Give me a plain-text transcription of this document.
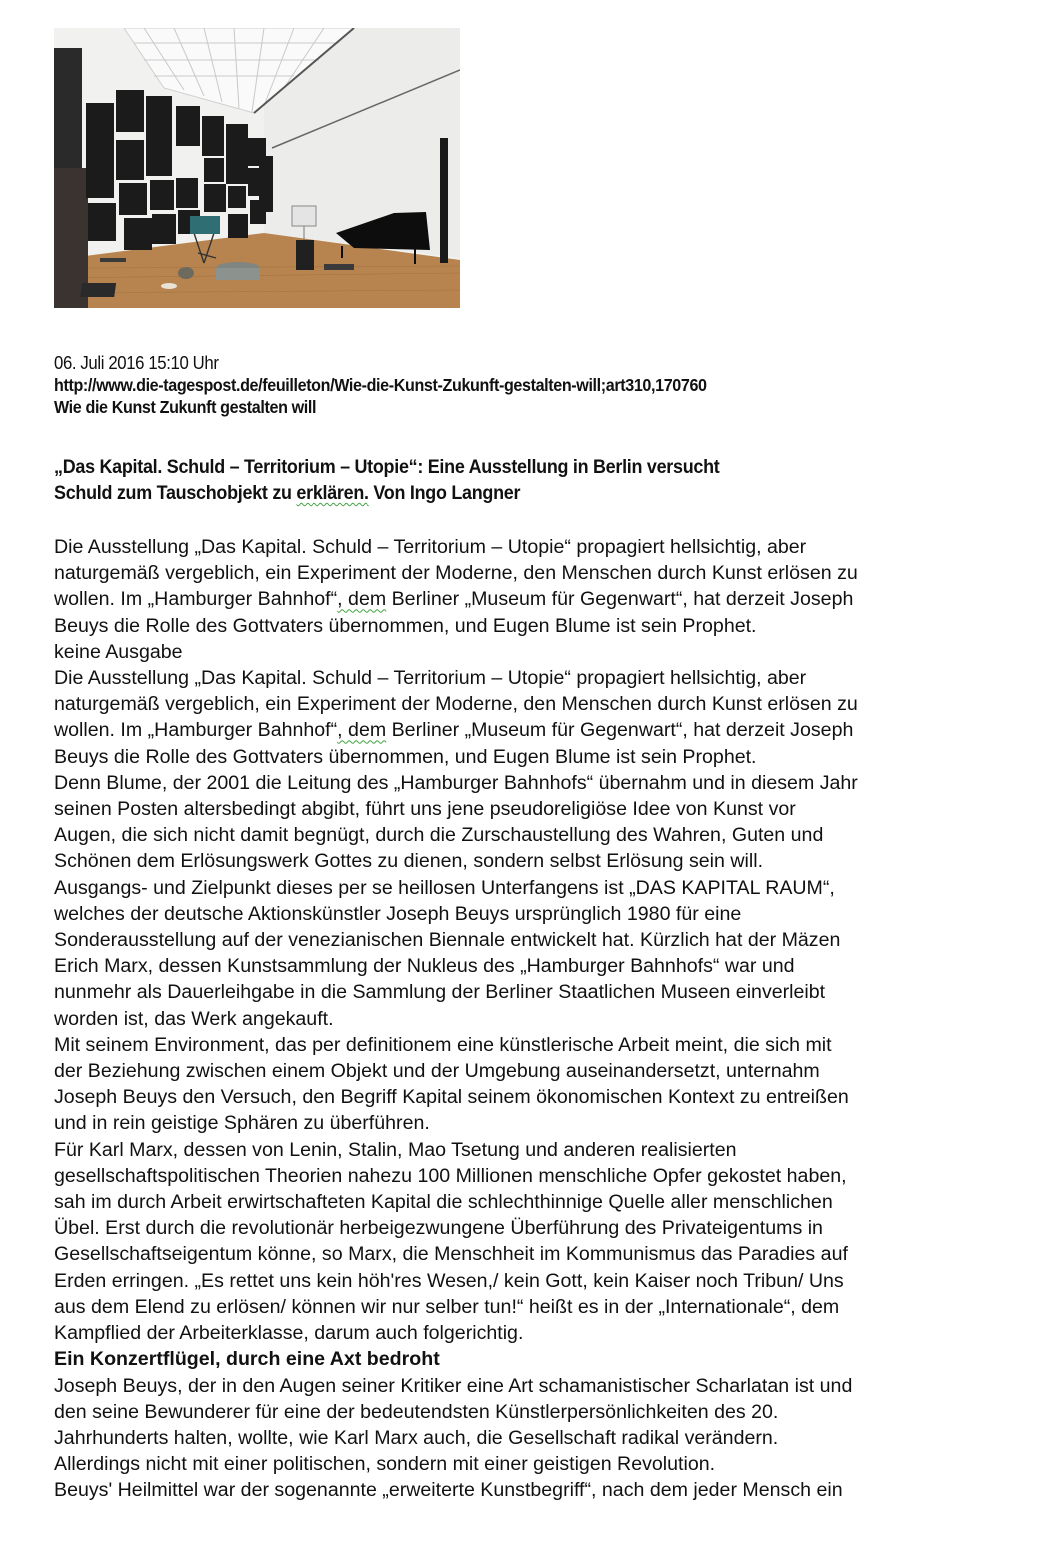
06. Juli 2016 15:10 Uhr
http://www.die-tagespost.de/feuilleton/Wie-die-Kunst-Zukunft-gestalten-will;art310,170760
Wie die Kunst Zukunft gestalten will
„Das Kapital. Schuld – Territorium – Utopie“: Eine Ausstellung in Berlin versucht
Schuld zum Tauschobjekt zu erklären. Von Ingo Langner
Die Ausstellung „Das Kapital. Schuld – Territorium – Utopie“ propagiert hellsichtig, aber
naturgemäß vergeblich, ein Experiment der Moderne, den Menschen durch Kunst erlösen zu
wollen. Im „Hamburger Bahnhof“, dem Berliner „Museum für Gegenwart“, hat derzeit Joseph
Beuys die Rolle des Gottvaters übernommen, und Eugen Blume ist sein Prophet.
keine Ausgabe
Die Ausstellung „Das Kapital. Schuld – Territorium – Utopie“ propagiert hellsichtig, aber
naturgemäß vergeblich, ein Experiment der Moderne, den Menschen durch Kunst erlösen zu
wollen. Im „Hamburger Bahnhof“, dem Berliner „Museum für Gegenwart“, hat derzeit Joseph
Beuys die Rolle des Gottvaters übernommen, und Eugen Blume ist sein Prophet.
Denn Blume, der 2001 die Leitung des „Hamburger Bahnhofs“ übernahm und in diesem Jahr
seinen Posten altersbedingt abgibt, führt uns jene pseudoreligiöse Idee von Kunst vor
Augen, die sich nicht damit begnügt, durch die Zurschaustellung des Wahren, Guten und
Schönen dem Erlösungswerk Gottes zu dienen, sondern selbst Erlösung sein will.
Ausgangs- und Zielpunkt dieses per se heillosen Unterfangens ist „DAS KAPITAL RAUM“,
welches der deutsche Aktionskünstler Joseph Beuys ursprünglich 1980 für eine
Sonderausstellung auf der venezianischen Biennale entwickelt hat. Kürzlich hat der Mäzen
Erich Marx, dessen Kunstsammlung der Nukleus des „Hamburger Bahnhofs“ war und
nunmehr als Dauerleihgabe in die Sammlung der Berliner Staatlichen Museen einverleibt
worden ist, das Werk angekauft.
Mit seinem Environment, das per definitionem eine künstlerische Arbeit meint, die sich mit
der Beziehung zwischen einem Objekt und der Umgebung auseinandersetzt, unternahm
Joseph Beuys den Versuch, den Begriff Kapital seinem ökonomischen Kontext zu entreißen
und in rein geistige Sphären zu überführen.
Für Karl Marx, dessen von Lenin, Stalin, Mao Tsetung und anderen realisierten
gesellschaftspolitischen Theorien nahezu 100 Millionen menschliche Opfer gekostet haben,
sah im durch Arbeit erwirtschafteten Kapital die schlechthinnige Quelle aller menschlichen
Übel. Erst durch die revolutionär herbeigezwungene Überführung des Privateigentums in
Gesellschaftseigentum könne, so Marx, die Menschheit im Kommunismus das Paradies auf
Erden erringen. „Es rettet uns kein höh'res Wesen,/ kein Gott, kein Kaiser noch Tribun/ Uns
aus dem Elend zu erlösen/ können wir nur selber tun!“ heißt es in der „Internationale“, dem
Kampflied der Arbeiterklasse, darum auch folgerichtig.
Ein Konzertflügel, durch eine Axt bedroht
Joseph Beuys, der in den Augen seiner Kritiker eine Art schamanistischer Scharlatan ist und
den seine Bewunderer für eine der bedeutendsten Künstlerpersönlichkeiten des 20.
Jahrhunderts halten, wollte, wie Karl Marx auch, die Gesellschaft radikal verändern.
Allerdings nicht mit einer politischen, sondern mit einer geistigen Revolution.
Beuys' Heilmittel war der sogenannte „erweiterte Kunstbegriff“, nach dem jeder Mensch ein
